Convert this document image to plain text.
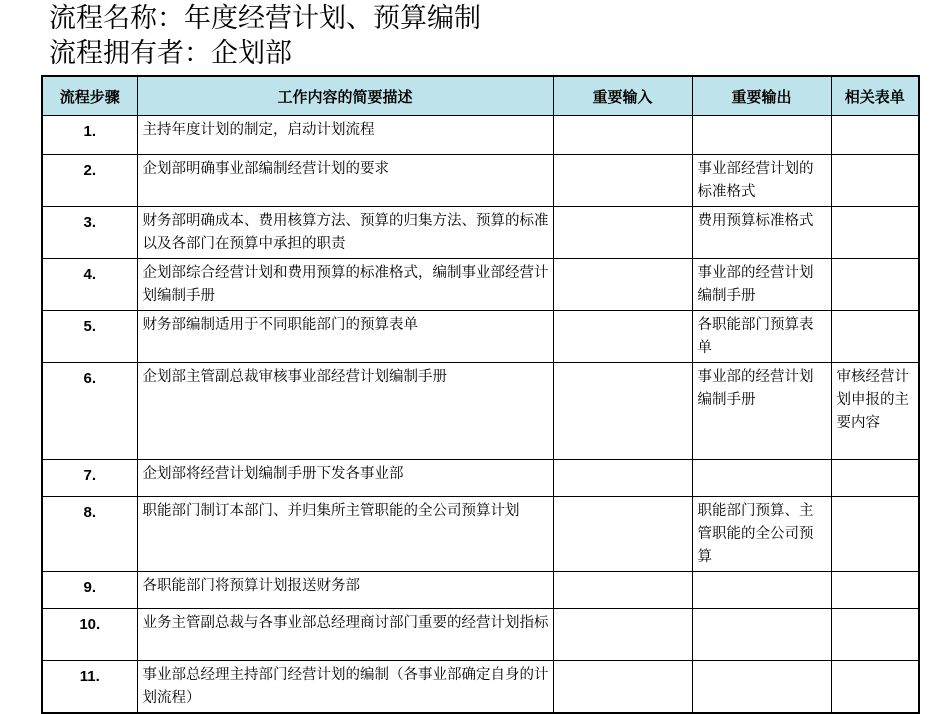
流程名称：年度经营计划、预算编制
流程拥有者：企划部
流程步骤	工作内容的简要描述	重要输入	重要输出	相关表单
1.	主持年度计划的制定，启动计划流程			
2.	企划部明确事业部编制经营计划的要求		事业部经营计划的标准格式	
3.	财务部明确成本、费用核算方法、预算的归集方法、预算的标准以及各部门在预算中承担的职责		费用预算标准格式	
4.	企划部综合经营计划和费用预算的标准格式，编制事业部经营计划编制手册		事业部的经营计划编制手册	
5.	财务部编制适用于不同职能部门的预算表单		各职能部门预算表单	
6.	企划部主管副总裁审核事业部经营计划编制手册		事业部的经营计划编制手册	审核经营计划申报的主要内容
7.	企划部将经营计划编制手册下发各事业部			
8.	职能部门制订本部门、并归集所主管职能的全公司预算计划		职能部门预算、主管职能的全公司预算	
9.	各职能部门将预算计划报送财务部			
10.	业务主管副总裁与各事业部总经理商讨部门重要的经营计划指标			
11.	事业部总经理主持部门经营计划的编制（各事业部确定自身的计划流程）			
